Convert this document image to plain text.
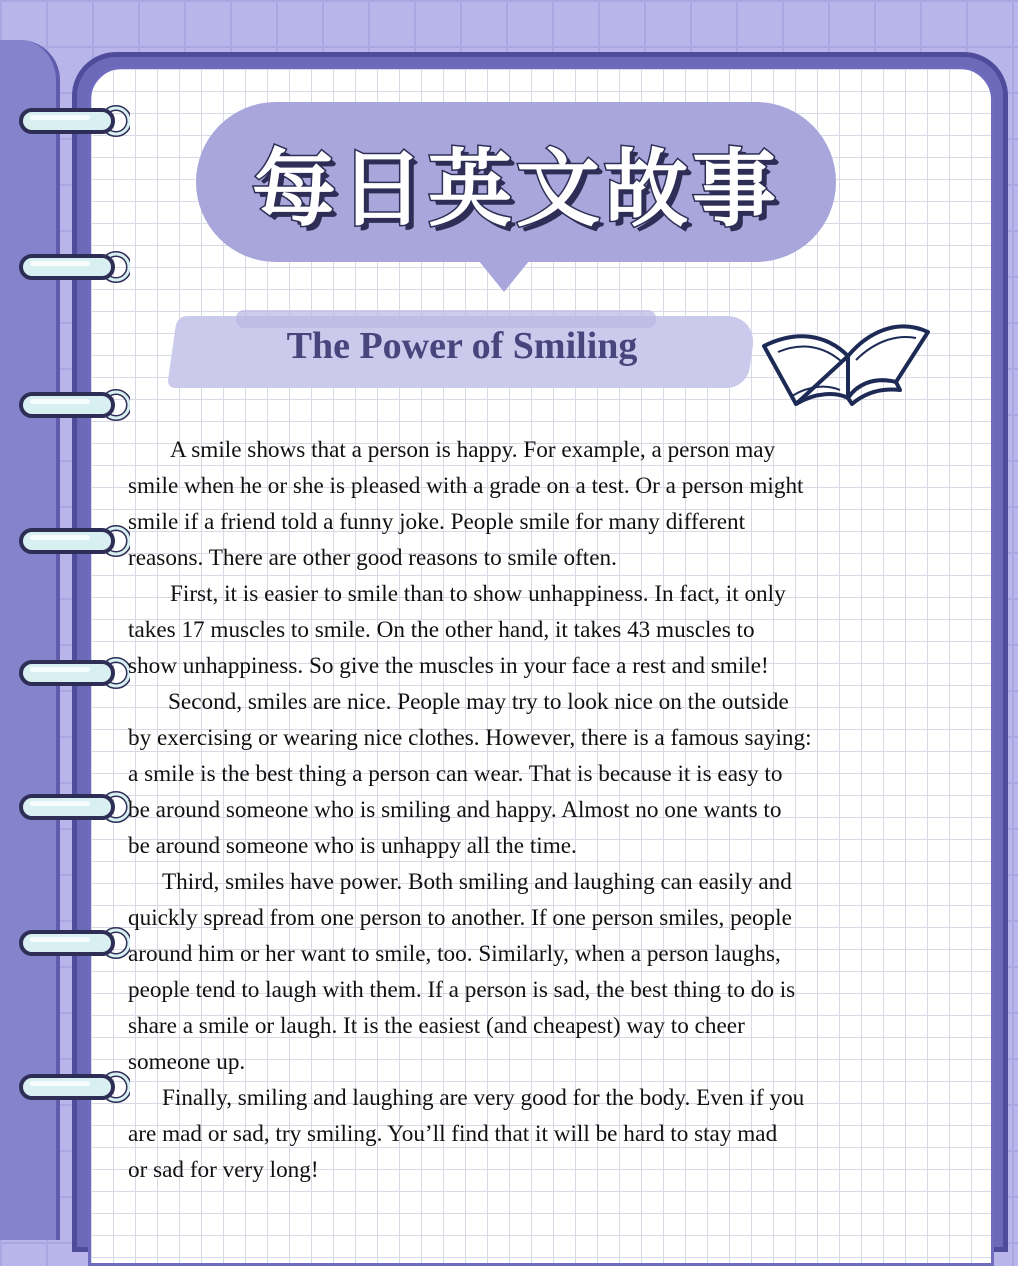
每日英文故事
The Power of Smiling

A smile shows that a person is happy. For example, a person may
smile when he or she is pleased with a grade on a test. Or a person might
smile if a friend told a funny joke. People smile for many different
reasons. There are other good reasons to smile often.

First, it is easier to smile than to show unhappiness. In fact, it only
takes 17 muscles to smile. On the other hand, it takes 43 muscles to
show unhappiness. So give the muscles in your face a rest and smile!

Second, smiles are nice. People may try to look nice on the outside
by exercising or wearing nice clothes. However, there is a famous saying:
a smile is the best thing a person can wear. That is because it is easy to
be around someone who is smiling and happy. Almost no one wants to
be around someone who is unhappy all the time.

Third, smiles have power. Both smiling and laughing can easily and
quickly spread from one person to another. If one person smiles, people
around him or her want to smile, too. Similarly, when a person laughs,
people tend to laugh with them. If a person is sad, the best thing to do is
share a smile or laugh. It is the easiest (and cheapest) way to cheer
someone up.

Finally, smiling and laughing are very good for the body. Even if you
are mad or sad, try smiling. You’ll find that it will be hard to stay mad
or sad for very long!
